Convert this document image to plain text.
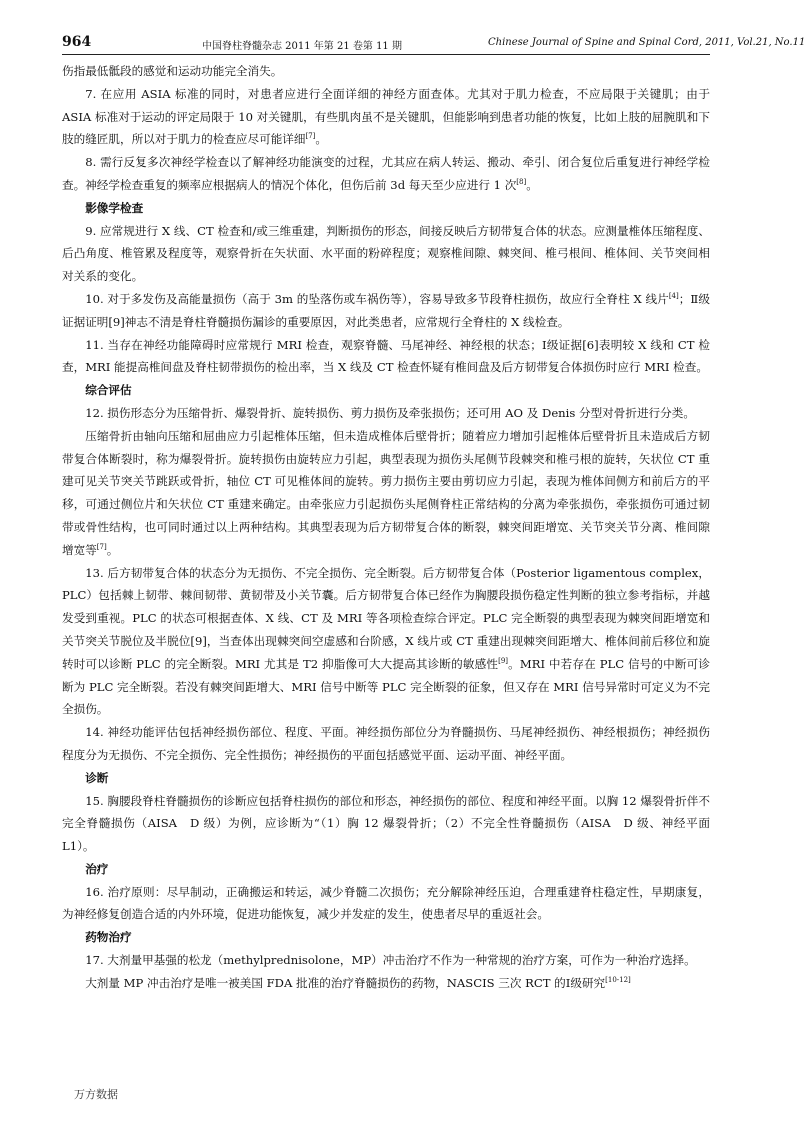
964	中国脊柱脊髓杂志 2011 年第 21 卷第 11 期	Chinese Journal of Spine and Spinal Cord, 2011, Vol.21, No.11

伤指最低骶段的感觉和运动功能完全消失。

7. 在应用 ASIA 标准的同时，对患者应进行全面详细的神经方面查体。尤其对于肌力检查，不应局限于关键肌；由于 ASIA 标准对于运动的评定局限于 10 对关键肌，有些肌肉虽不是关键肌，但能影响到患者功能的恢复，比如上肢的屈腕肌和下肢的缝匠肌，所以对于肌力的检查应尽可能详细[7]。

8. 需行反复多次神经学检查以了解神经功能演变的过程，尤其应在病人转运、搬动、牵引、闭合复位后重复进行神经学检查。神经学检查重复的频率应根据病人的情况个体化，但伤后前 3d 每天至少应进行 1 次[8]。

影像学检查

9. 应常规进行 X 线、CT 检查和/或三维重建，判断损伤的形态，间接反映后方韧带复合体的状态。应测量椎体压缩程度、后凸角度、椎管累及程度等，观察骨折在矢状面、水平面的粉碎程度；观察椎间隙、棘突间、椎弓根间、椎体间、关节突间相对关系的变化。

10. 对于多发伤及高能量损伤（高于 3m 的坠落伤或车祸伤等），容易导致多节段脊柱损伤，故应行全脊柱 X 线片[4]；Ⅱ级证据证明[9]神志不清是脊柱脊髓损伤漏诊的重要原因，对此类患者，应常规行全脊柱的 X 线检查。

11. 当存在神经功能障碍时应常规行 MRI 检查，观察脊髓、马尾神经、神经根的状态；Ⅰ级证据[6]表明较 X 线和 CT 检查，MRI 能提高椎间盘及脊柱韧带损伤的检出率，当 X 线及 CT 检查怀疑有椎间盘及后方韧带复合体损伤时应行 MRI 检查。

综合评估

12. 损伤形态分为压缩骨折、爆裂骨折、旋转损伤、剪力损伤及牵张损伤；还可用 AO 及 Denis 分型对骨折进行分类。

压缩骨折由轴向压缩和屈曲应力引起椎体压缩，但未造成椎体后壁骨折；随着应力增加引起椎体后壁骨折且未造成后方韧带复合体断裂时，称为爆裂骨折。旋转损伤由旋转应力引起，典型表现为损伤头尾侧节段棘突和椎弓根的旋转，矢状位 CT 重建可见关节突关节跳跃或骨折，轴位 CT 可见椎体间的旋转。剪力损伤主要由剪切应力引起，表现为椎体间侧方和前后方的平移，可通过侧位片和矢状位 CT 重建来确定。由牵张应力引起损伤头尾侧脊柱正常结构的分离为牵张损伤，牵张损伤可通过韧带或骨性结构，也可同时通过以上两种结构。其典型表现为后方韧带复合体的断裂，棘突间距增宽、关节突关节分离、椎间隙增宽等[7]。

13. 后方韧带复合体的状态分为无损伤、不完全损伤、完全断裂。后方韧带复合体（Posterior ligamentous complex，PLC）包括棘上韧带、棘间韧带、黄韧带及小关节囊。后方韧带复合体已经作为胸腰段损伤稳定性判断的独立参考指标，并越发受到重视。PLC 的状态可根据查体、X 线、CT 及 MRI 等各项检查综合评定。PLC 完全断裂的典型表现为棘突间距增宽和关节突关节脱位及半脱位[9]，当查体出现棘突间空虚感和台阶感，X 线片或 CT 重建出现棘突间距增大、椎体间前后移位和旋转时可以诊断 PLC 的完全断裂。MRI 尤其是 T2 抑脂像可大大提高其诊断的敏感性[9]。MRI 中若存在 PLC 信号的中断可诊断为 PLC 完全断裂。若没有棘突间距增大、MRI 信号中断等 PLC 完全断裂的征象，但又存在 MRI 信号异常时可定义为不完全损伤。

14. 神经功能评估包括神经损伤部位、程度、平面。神经损伤部位分为脊髓损伤、马尾神经损伤、神经根损伤；神经损伤程度分为无损伤、不完全损伤、完全性损伤；神经损伤的平面包括感觉平面、运动平面、神经平面。

诊断

15. 胸腰段脊柱脊髓损伤的诊断应包括脊柱损伤的部位和形态，神经损伤的部位、程度和神经平面。以胸 12 爆裂骨折伴不完全脊髓损伤（AISA　D 级）为例，应诊断为“（1）胸 12 爆裂骨折；（2）不完全性脊髓损伤（AISA　D 级、神经平面 L1）。

治疗

16. 治疗原则：尽早制动，正确搬运和转运，减少脊髓二次损伤；充分解除神经压迫，合理重建脊柱稳定性，早期康复，为神经修复创造合适的内外环境，促进功能恢复，减少并发症的发生，使患者尽早的重返社会。

药物治疗

17. 大剂量甲基强的松龙（methylprednisolone，MP）冲击治疗不作为一种常规的治疗方案，可作为一种治疗选择。

大剂量 MP 冲击治疗是唯一被美国 FDA 批准的治疗脊髓损伤的药物，NASCIS 三次 RCT 的Ⅰ级研究[10-12]

万方数据
